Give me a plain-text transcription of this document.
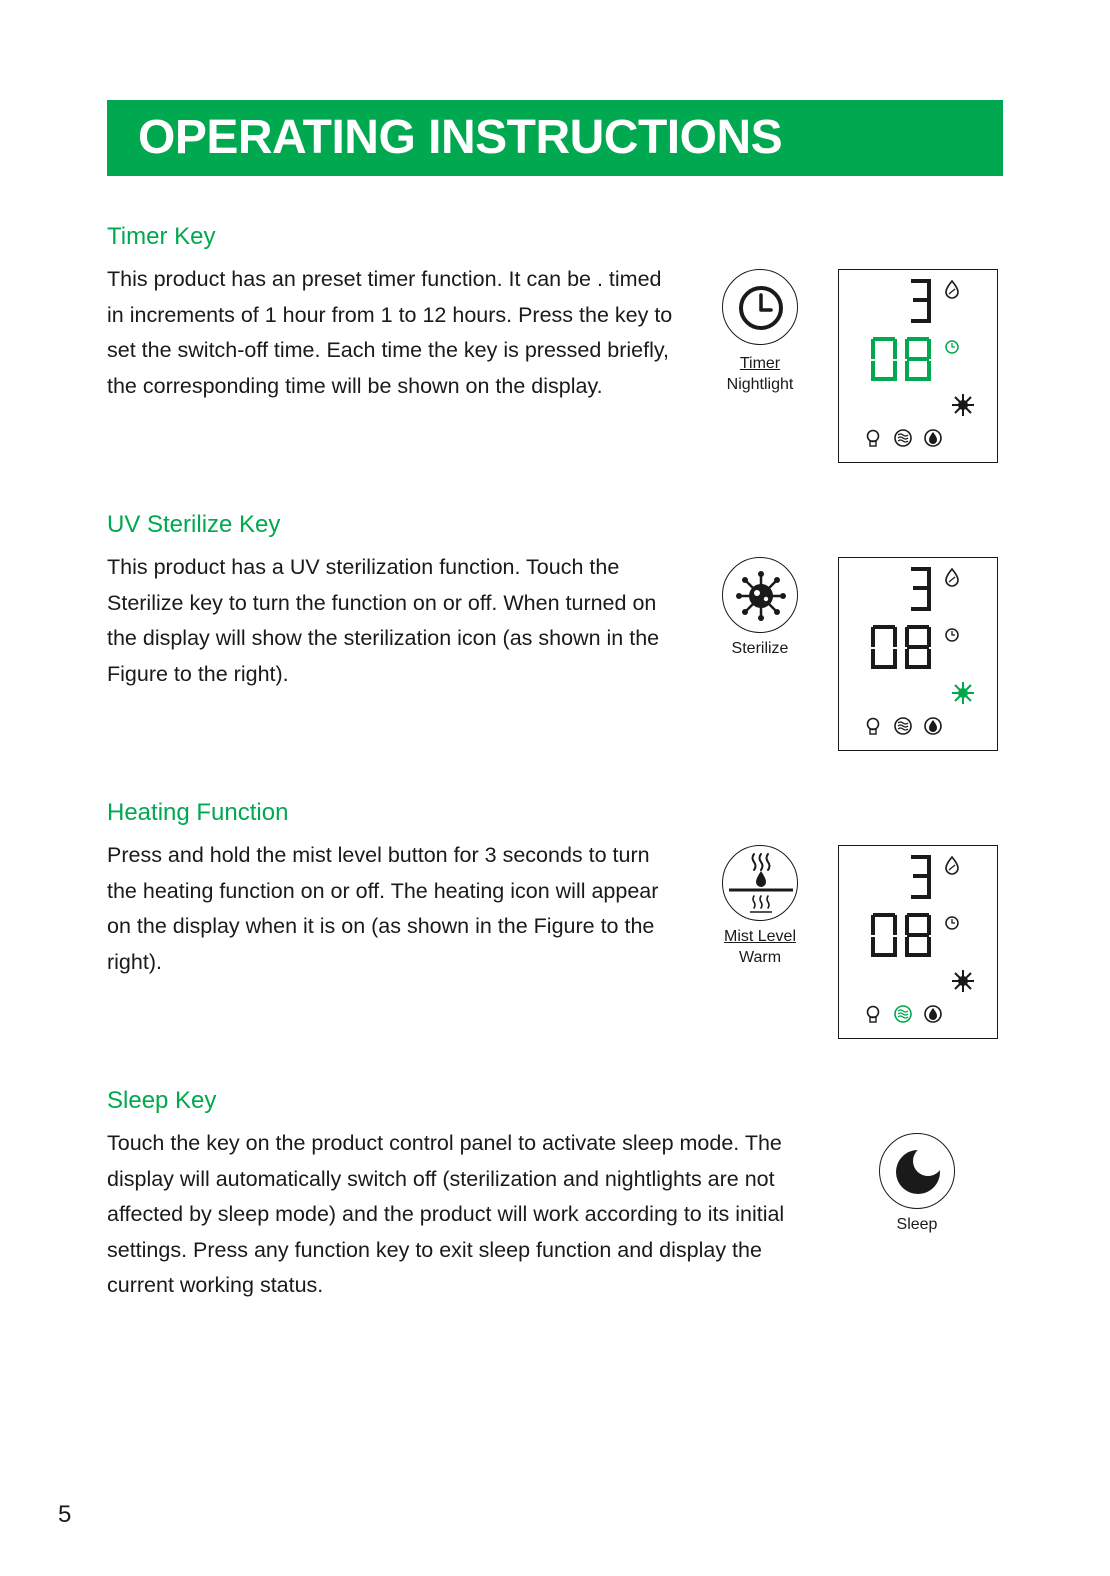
OPERATING INSTRUCTIONS
Timer Key

This product has an preset timer function. It can be . timed in increments of 1 hour from 1 to 12 hours. Press the key to set the switch-off time. Each time the key is pressed briefly, the corresponding time will be shown on the display.

Timer
Nightlight
UV Sterilize Key

This product has a UV sterilization function. Touch the Sterilize key to turn the function on or off. When turned on the display will show the sterilization icon (as shown in the Figure to the right).

Sterilize
Heating Function

Press and hold the mist level button for 3 seconds to turn the heating function on or off. The heating icon will appear on the display when it is on (as shown in the Figure to the right).

Mist Level
Warm
Sleep Key

Touch the key on the product control panel to activate sleep mode. The display will automatically switch off (sterilization and nightlights are not affected by sleep mode) and the product will work according to its initial settings. Press any function key to exit sleep function and display the current working status.

Sleep
5
